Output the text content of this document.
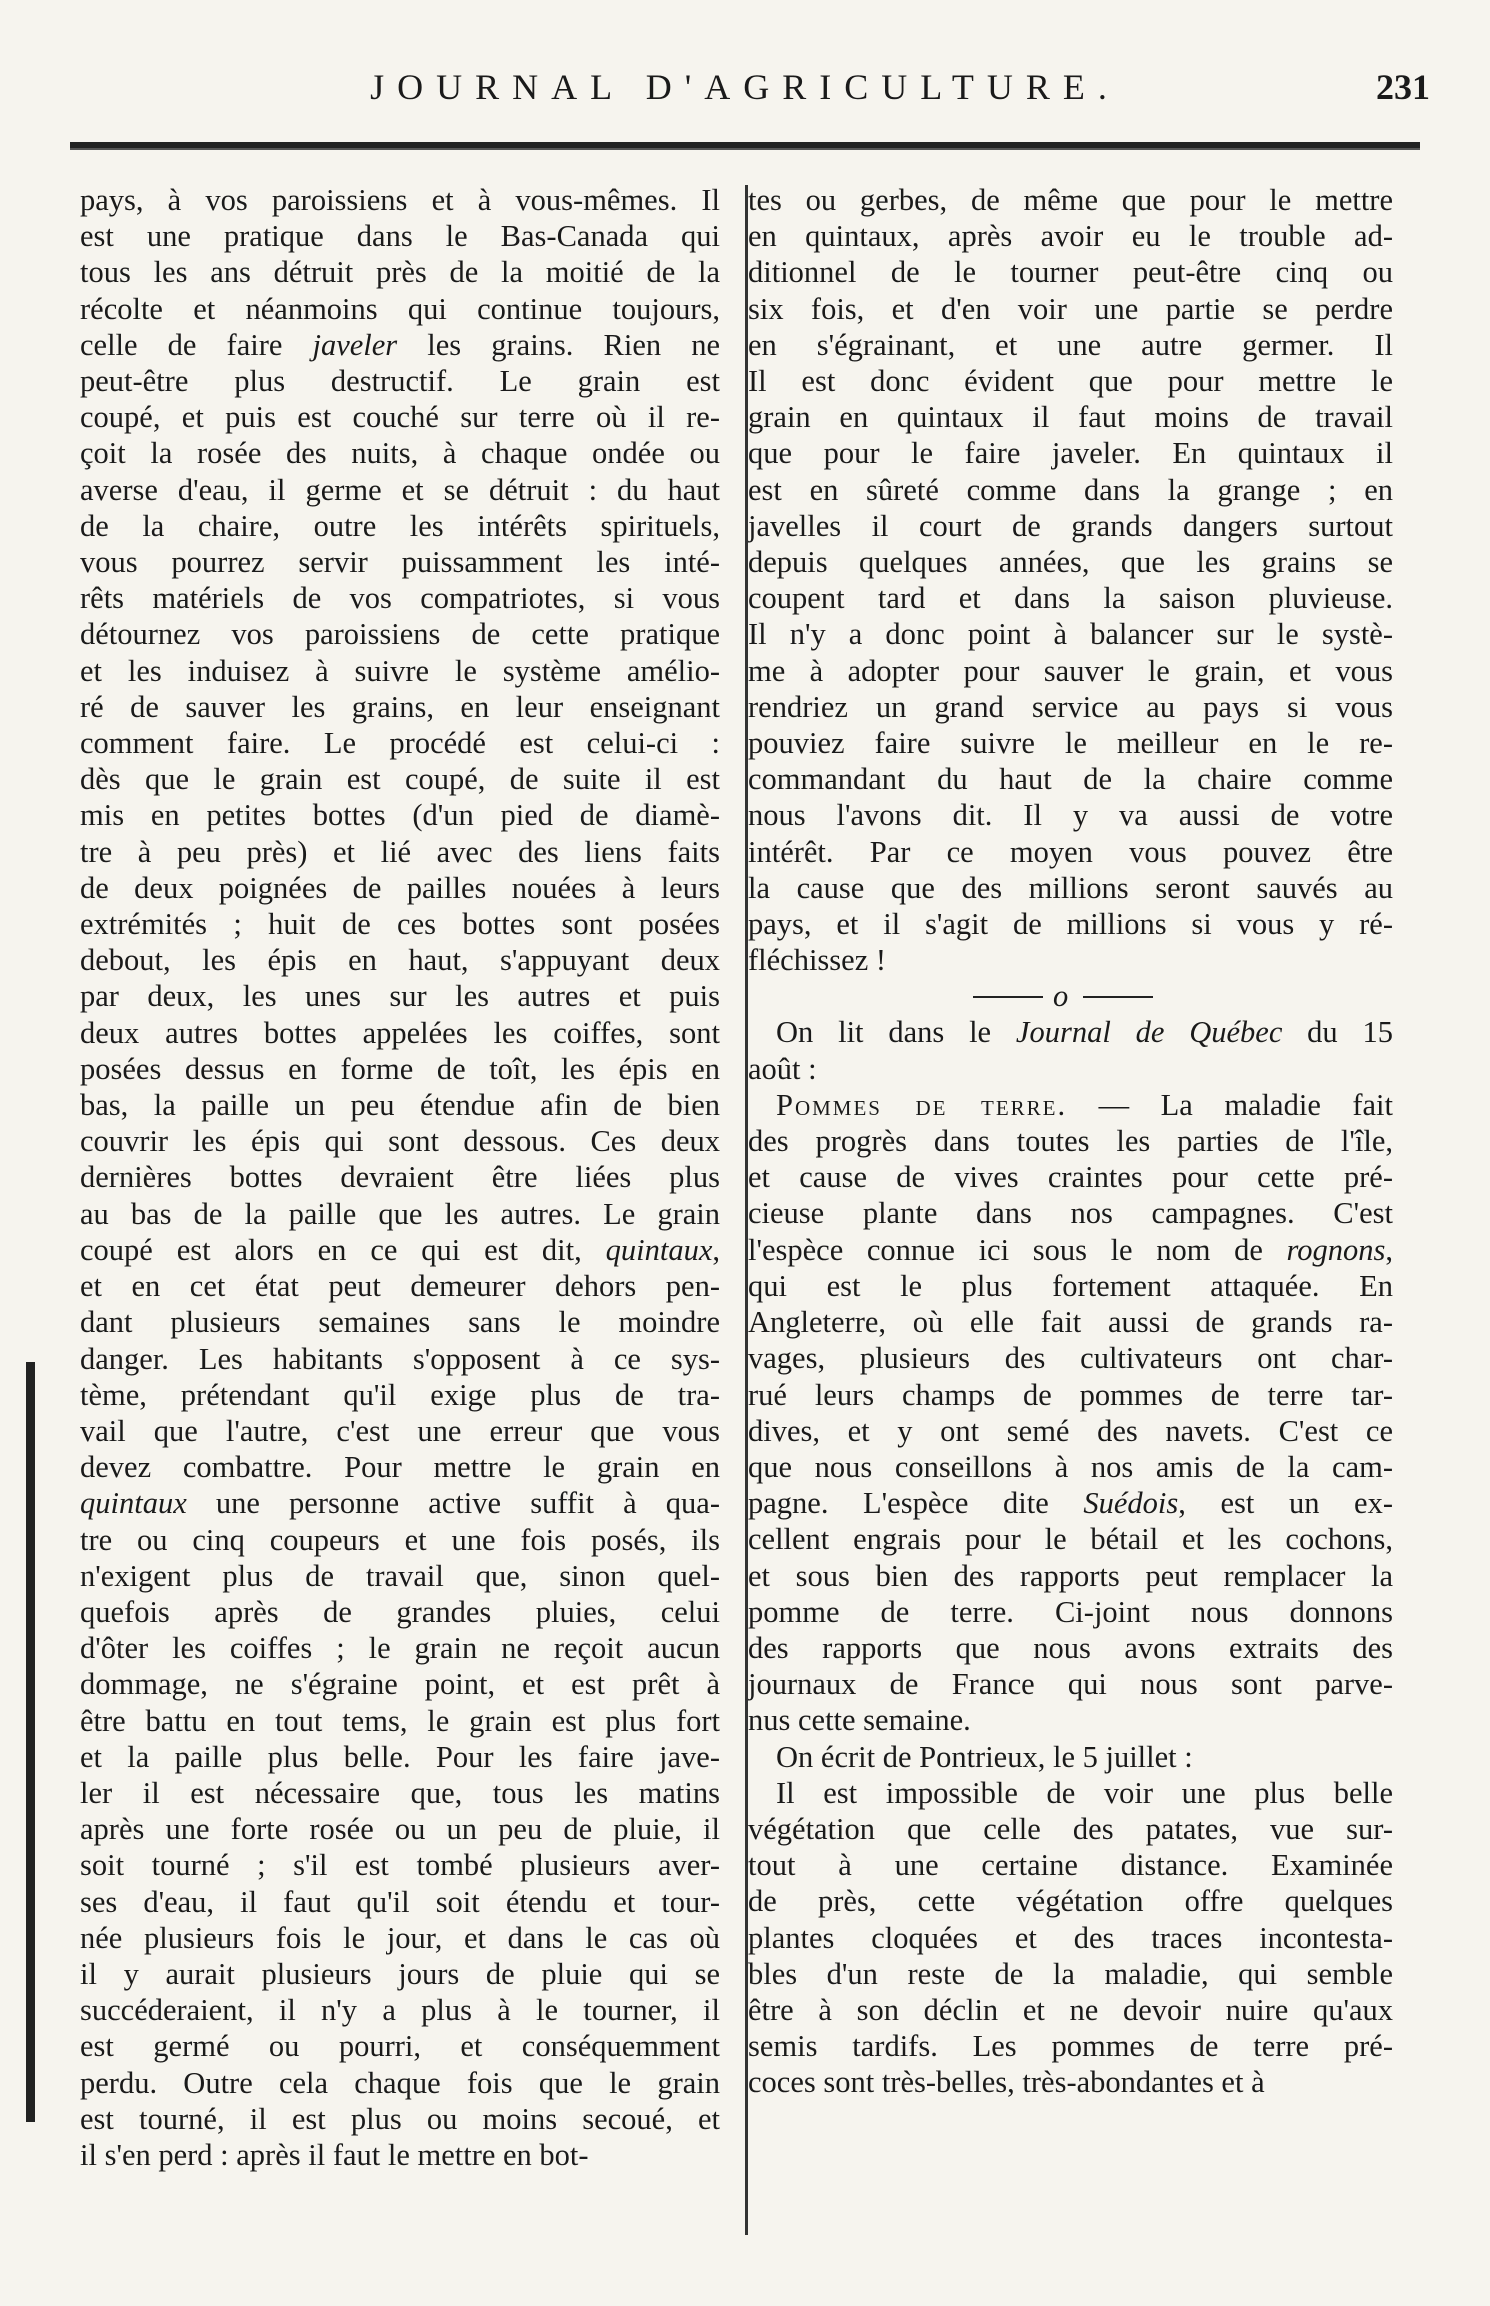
JOURNAL D'AGRICULTURE.	231
pays, à vos paroissiens et à vous-mêmes. Il
est une pratique dans le Bas-Canada qui
tous les ans détruit près de la moitié de la
récolte et néanmoins qui continue toujours,
celle de faire javeler les grains. Rien ne
peut-être plus destructif. Le grain est
coupé, et puis est couché sur terre où il re-
çoit la rosée des nuits, à chaque ondée ou
averse d'eau, il germe et se détruit : du haut
de la chaire, outre les intérêts spirituels,
vous pourrez servir puissamment les inté-
rêts matériels de vos compatriotes, si vous
détournez vos paroissiens de cette pratique
et les induisez à suivre le système amélio-
ré de sauver les grains, en leur enseignant
comment faire. Le procédé est celui-ci :
dès que le grain est coupé, de suite il est
mis en petites bottes (d'un pied de diamè-
tre à peu près) et lié avec des liens faits
de deux poignées de pailles nouées à leurs
extrémités ; huit de ces bottes sont posées
debout, les épis en haut, s'appuyant deux
par deux, les unes sur les autres et puis
deux autres bottes appelées les coiffes, sont
posées dessus en forme de toît, les épis en
bas, la paille un peu étendue afin de bien
couvrir les épis qui sont dessous. Ces deux
dernières bottes devraient être liées plus
au bas de la paille que les autres. Le grain
coupé est alors en ce qui est dit, quintaux,
et en cet état peut demeurer dehors pen-
dant plusieurs semaines sans le moindre
danger. Les habitants s'opposent à ce sys-
tème, prétendant qu'il exige plus de tra-
vail que l'autre, c'est une erreur que vous
devez combattre. Pour mettre le grain en
quintaux une personne active suffit à qua-
tre ou cinq coupeurs et une fois posés, ils
n'exigent plus de travail que, sinon quel-
quefois après de grandes pluies, celui
d'ôter les coiffes ; le grain ne reçoit aucun
dommage, ne s'égraine point, et est prêt à
être battu en tout tems, le grain est plus fort
et la paille plus belle. Pour les faire jave-
ler il est nécessaire que, tous les matins
après une forte rosée ou un peu de pluie, il
soit tourné ; s'il est tombé plusieurs aver-
ses d'eau, il faut qu'il soit étendu et tour-
née plusieurs fois le jour, et dans le cas où
il y aurait plusieurs jours de pluie qui se
succéderaient, il n'y a plus à le tourner, il
est germé ou pourri, et conséquemment
perdu. Outre cela chaque fois que le grain
est tourné, il est plus ou moins secoué, et
il s'en perd : après il faut le mettre en bot-
tes ou gerbes, de même que pour le mettre
en quintaux, après avoir eu le trouble ad-
ditionnel de le tourner peut-être cinq ou
six fois, et d'en voir une partie se perdre
en s'égrainant, et une autre germer. Il
Il est donc évident que pour mettre le
grain en quintaux il faut moins de travail
que pour le faire javeler. En quintaux il
est en sûreté comme dans la grange ; en
javelles il court de grands dangers surtout
depuis quelques années, que les grains se
coupent tard et dans la saison pluvieuse.
Il n'y a donc point à balancer sur le systè-
me à adopter pour sauver le grain, et vous
rendriez un grand service au pays si vous
pouviez faire suivre le meilleur en le re-
commandant du haut de la chaire comme
nous l'avons dit. Il y va aussi de votre
intérêt. Par ce moyen vous pouvez être
la cause que des millions seront sauvés au
pays, et il s'agit de millions si vous y ré-
fléchissez !
o
On lit dans le Journal de Québec du 15
août :
Pommes de terre. — La maladie fait
des progrès dans toutes les parties de l'île,
et cause de vives craintes pour cette pré-
cieuse plante dans nos campagnes. C'est
l'espèce connue ici sous le nom de rognons,
qui est le plus fortement attaquée. En
Angleterre, où elle fait aussi de grands ra-
vages, plusieurs des cultivateurs ont char-
rué leurs champs de pommes de terre tar-
dives, et y ont semé des navets. C'est ce
que nous conseillons à nos amis de la cam-
pagne. L'espèce dite Suédois, est un ex-
cellent engrais pour le bétail et les cochons,
et sous bien des rapports peut remplacer la
pomme de terre. Ci-joint nous donnons
des rapports que nous avons extraits des
journaux de France qui nous sont parve-
nus cette semaine.
On écrit de Pontrieux, le 5 juillet :
Il est impossible de voir une plus belle
végétation que celle des patates, vue sur-
tout à une certaine distance. Examinée
de près, cette végétation offre quelques
plantes cloquées et des traces incontesta-
bles d'un reste de la maladie, qui semble
être à son déclin et ne devoir nuire qu'aux
semis tardifs. Les pommes de terre pré-
coces sont très-belles, très-abondantes et à
